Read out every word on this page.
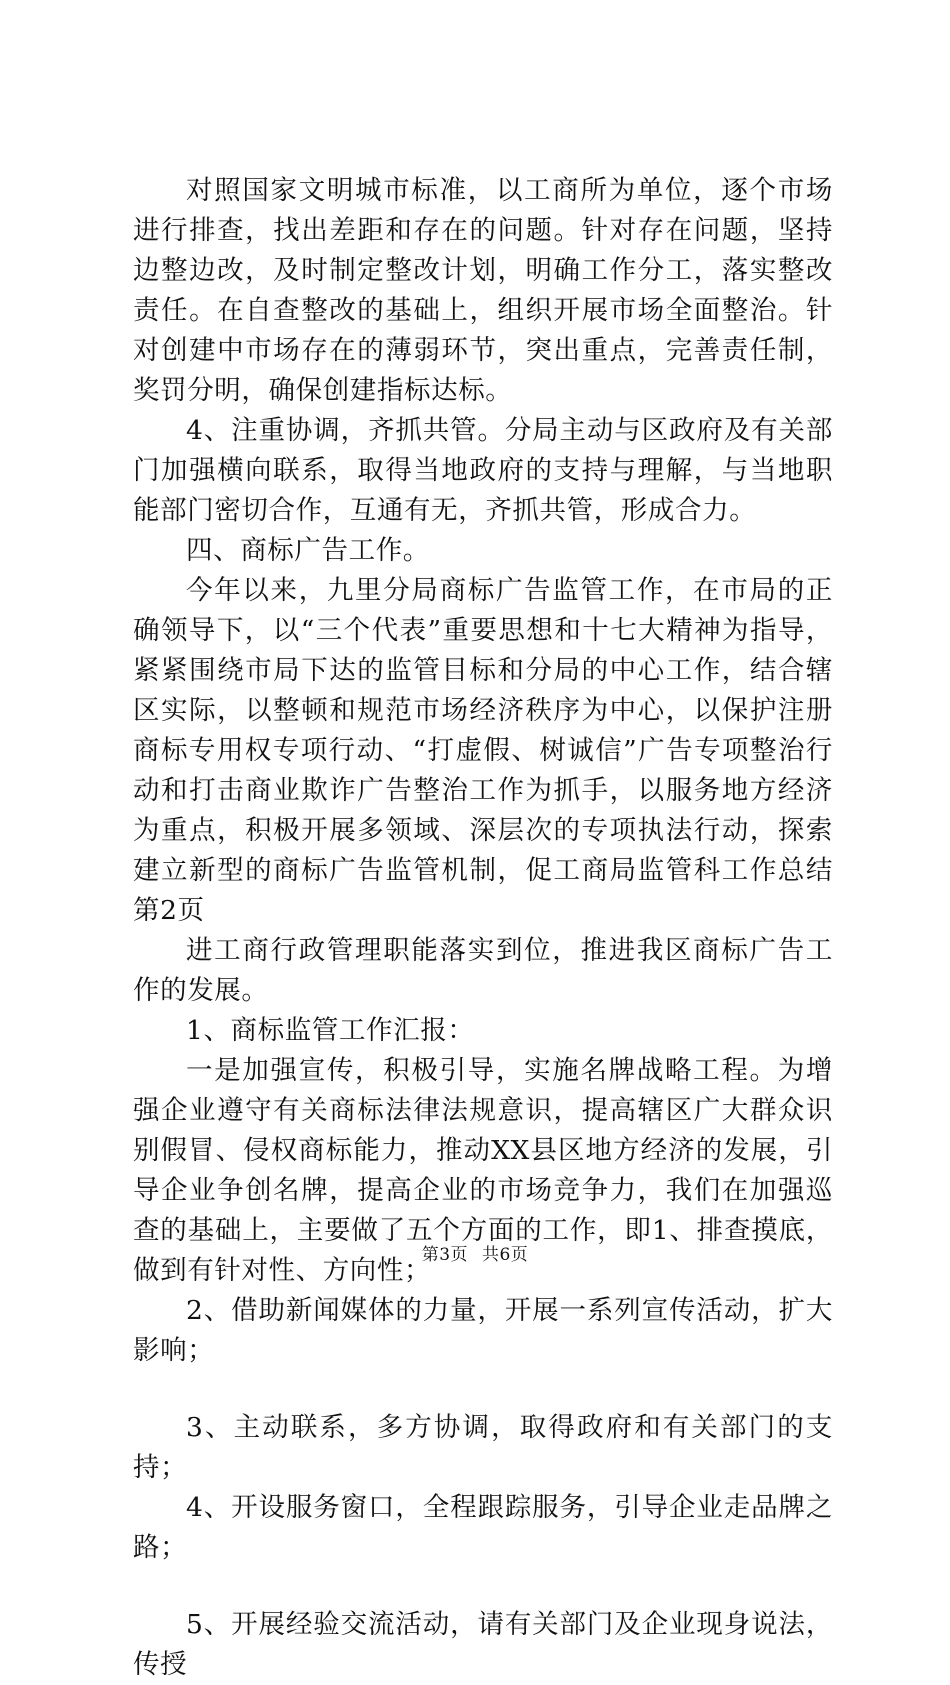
对照国家文明城市标准，以工商所为单位，逐个市场进行排查，找出差距和存在的问题。针对存在问题，坚持边整边改，及时制定整改计划，明确工作分工，落实整改责任。在自查整改的基础上，组织开展市场全面整治。针对创建中市场存在的薄弱环节，突出重点，完善责任制，奖罚分明，确保创建指标达标。

4、注重协调，齐抓共管。分局主动与区政府及有关部门加强横向联系，取得当地政府的支持与理解，与当地职能部门密切合作，互通有无，齐抓共管，形成合力。

四、商标广告工作。

今年以来，九里分局商标广告监管工作，在市局的正确领导下，以“三个代表”重要思想和十七大精神为指导，紧紧围绕市局下达的监管目标和分局的中心工作，结合辖区实际，以整顿和规范市场经济秩序为中心，以保护注册商标专用权专项行动、“打虚假、树诚信”广告专项整治行动和打击商业欺诈广告整治工作为抓手，以服务地方经济为重点，积极开展多领域、深层次的专项执法行动，探索建立新型的商标广告监管机制，促工商局监管科工作总结第2页

进工商行政管理职能落实到位，推进我区商标广告工作的发展。

1、商标监管工作汇报：

一是加强宣传，积极引导，实施名牌战略工程。为增强企业遵守有关商标法律法规意识，提高辖区广大群众识别假冒、侵权商标能力，推动XX县区地方经济的发展，引导企业争创名牌，提高企业的市场竞争力，我们在加强巡查的基础上，主要做了五个方面的工作，即1、排查摸底，做到有针对性、方向性；

2、借助新闻媒体的力量，开展一系列宣传活动，扩大影响；

3、主动联系，多方协调，取得政府和有关部门的支持；

4、开设服务窗口，全程跟踪服务，引导企业走品牌之路；

5、开展经验交流活动，请有关部门及企业现身说法，传授

第3页 共6页
